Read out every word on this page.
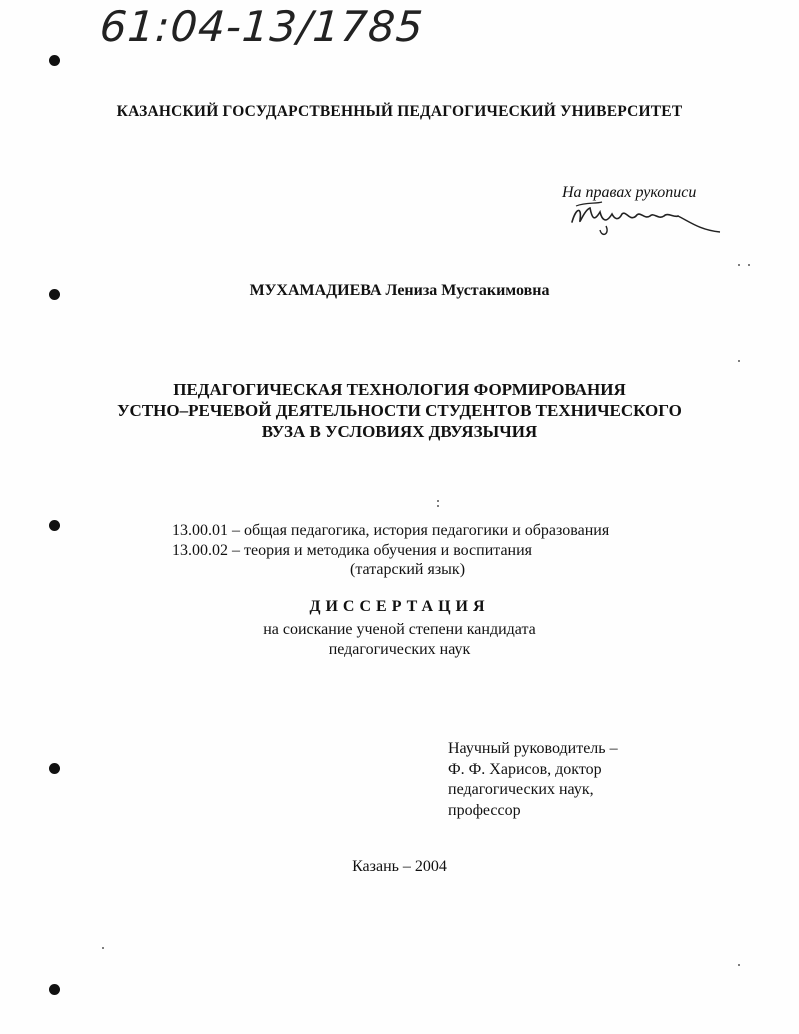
61:04-13/1785
КАЗАНСКИЙ ГОСУДАРСТВЕННЫЙ ПЕДАГОГИЧЕСКИЙ УНИВЕРСИТЕТ
На правах рукописи
МУХАМАДИЕВА Лениза Мустакимовна
ПЕДАГОГИЧЕСКАЯ ТЕХНОЛОГИЯ ФОРМИРОВАНИЯ
УСТНО–РЕЧЕВОЙ ДЕЯТЕЛЬНОСТИ СТУДЕНТОВ ТЕХНИЧЕСКОГО
ВУЗА В УСЛОВИЯХ ДВУЯЗЫЧИЯ
13.00.01 – общая педагогика, история педагогики и образования
13.00.02 – теория и методика обучения и воспитания
(татарский язык)
ДИССЕРТАЦИЯ
на соискание ученой степени кандидата
педагогических наук
Научный руководитель –
Ф. Ф. Харисов, доктор
педагогических наук,
профессор
Казань – 2004
